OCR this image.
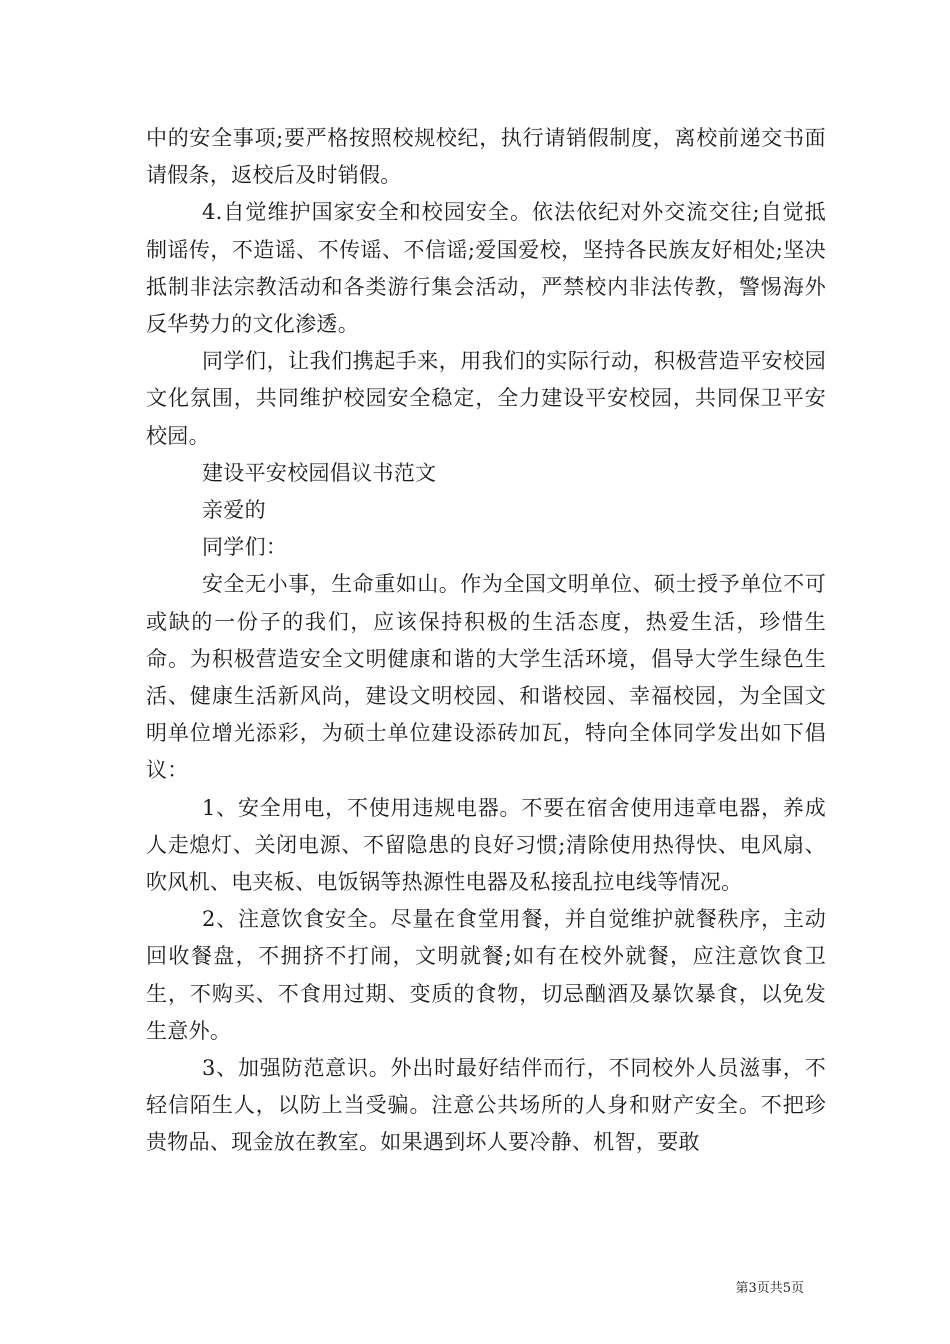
中的安全事项;要严格按照校规校纪，执行请销假制度，离校前递交书面请假条，返校后及时销假。

4.自觉维护国家安全和校园安全。依法依纪对外交流交往;自觉抵制谣传，不造谣、不传谣、不信谣;爱国爱校，坚持各民族友好相处;坚决抵制非法宗教活动和各类游行集会活动，严禁校内非法传教，警惕海外反华势力的文化渗透。

同学们，让我们携起手来，用我们的实际行动，积极营造平安校园文化氛围，共同维护校园安全稳定，全力建设平安校园，共同保卫平安校园。

建设平安校园倡议书范文

亲爱的

同学们：

安全无小事，生命重如山。作为全国文明单位、硕士授予单位不可或缺的一份子的我们，应该保持积极的生活态度，热爱生活，珍惜生命。为积极营造安全文明健康和谐的大学生活环境，倡导大学生绿色生活、健康生活新风尚，建设文明校园、和谐校园、幸福校园，为全国文明单位增光添彩，为硕士单位建设添砖加瓦，特向全体同学发出如下倡议：

1、安全用电，不使用违规电器。不要在宿舍使用违章电器，养成人走熄灯、关闭电源、不留隐患的良好习惯;清除使用热得快、电风扇、吹风机、电夹板、电饭锅等热源性电器及私接乱拉电线等情况。

2、注意饮食安全。尽量在食堂用餐，并自觉维护就餐秩序，主动回收餐盘，不拥挤不打闹，文明就餐;如有在校外就餐，应注意饮食卫生，不购买、不食用过期、变质的食物，切忌酗酒及暴饮暴食，以免发生意外。

3、加强防范意识。外出时最好结伴而行，不同校外人员滋事，不轻信陌生人，以防上当受骗。注意公共场所的人身和财产安全。不把珍贵物品、现金放在教室。如果遇到坏人要冷静、机智，要敢

第3页共5页
